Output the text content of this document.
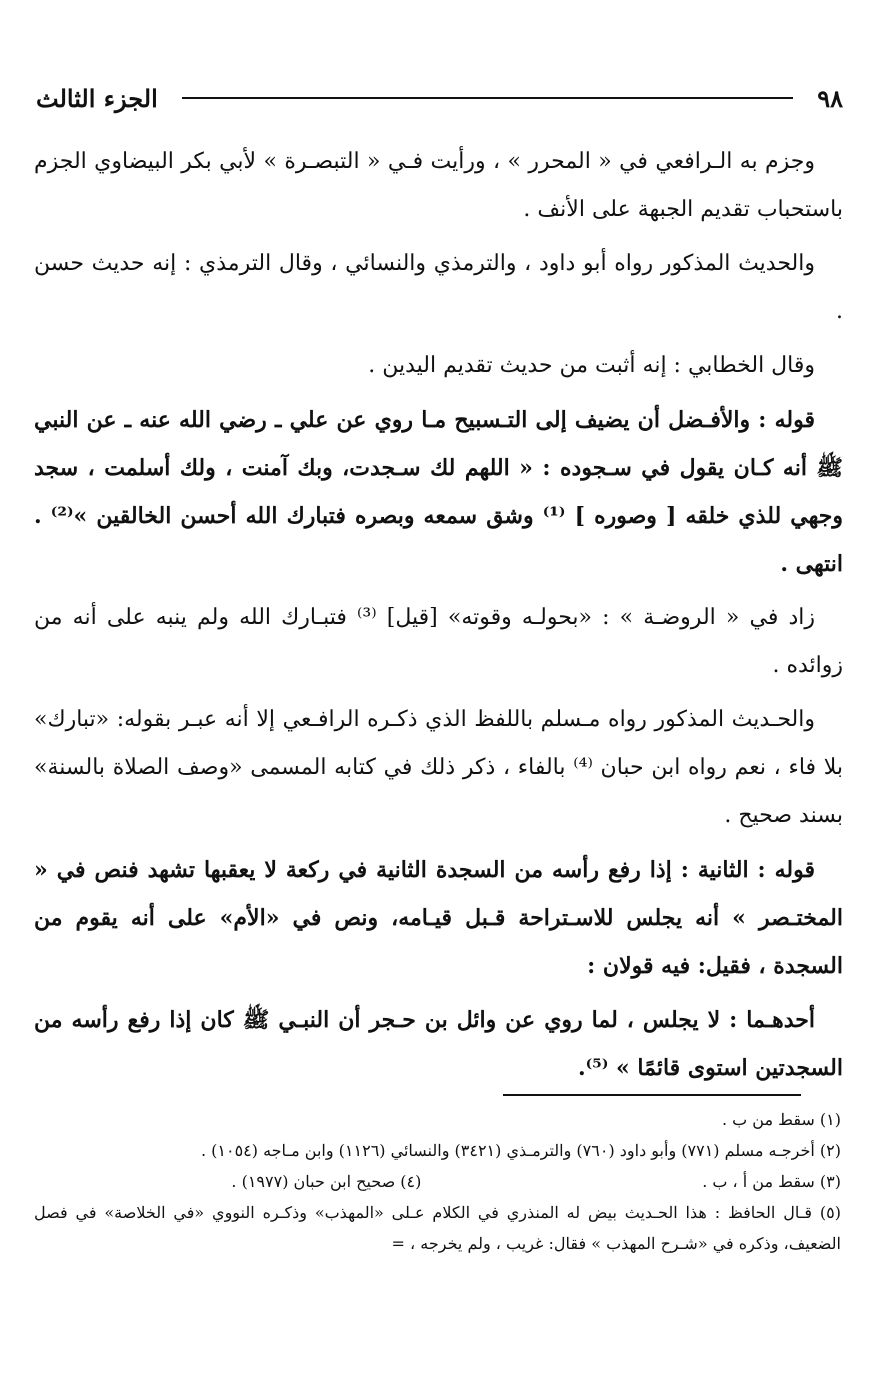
٩٨
الجزء الثالث

وجزم به الـرافعي في « المحرر » ، ورأيت فـي « التبصـرة » لأبي بكر البيضاوي الجزم باستحباب تقديم الجبهة على الأنف .

والحديث المذكور رواه أبو داود ، والترمذي والنسائي ، وقال الترمذي : إنه حديث حسن .

وقال الخطابي : إنه أثبت من حديث تقديم اليدين .

قوله : والأفـضل أن يضيف إلى التـسبيح مـا روي عن علي ـ رضي الله عنه ـ عن النبي ﷺ أنه كـان يقول في سـجوده : « اللهم لك سـجدت، وبك آمنت ، ولك أسلمت ، سجد وجهي للذي خلقه [ وصوره ] ⁽¹⁾ وشق سمعه وبصره فتبارك الله أحسن الخالقين »⁽²⁾ . انتهى .

زاد في « الروضـة » : «بحولـه وقوته» [قيل] ⁽³⁾ فتبـارك الله ولم ينبه على أنه من زوائده .

والحـديث المذكور رواه مـسلم باللفظ الذي ذكـره الرافـعي إلا أنه عبـر بقوله: «تبارك» بلا فاء ، نعم رواه ابن حبان ⁽⁴⁾ بالفاء ، ذكر ذلك في كتابه المسمى «وصف الصلاة بالسنة» بسند صحيح .

قوله : الثانية : إذا رفع رأسه من السجدة الثانية في ركعة لا يعقبها تشهد فنص في « المختـصر » أنه يجلس للاسـتراحة قـبل قيـامه، ونص في «الأم» على أنه يقوم من السجدة ، فقيل: فيه قولان :

أحدهـما : لا يجلس ، لما روي عن وائل بن حـجر أن النبـي ﷺ كان إذا رفع رأسه من السجدتين استوى قائمًا » ⁽⁵⁾.

(١) سقط من ب .

(٢) أخرجـه مسلم (٧٧١) وأبو داود (٧٦٠) والترمـذي (٣٤٢١) والنسائي (١١٢٦) وابن مـاجه (١٠٥٤) .

(٣) سقط من أ ، ب .

(٤) صحيح ابن حبان (١٩٧٧) .

(٥) قـال الحافظ : هذا الحـديث بيض له المنذري في الكلام عـلى «المهذب» وذكـره النووي «في الخلاصة» في فصل الضعيف، وذكره في «شـرح المهذب » فقال: غريب ، ولم يخرجه ، =
